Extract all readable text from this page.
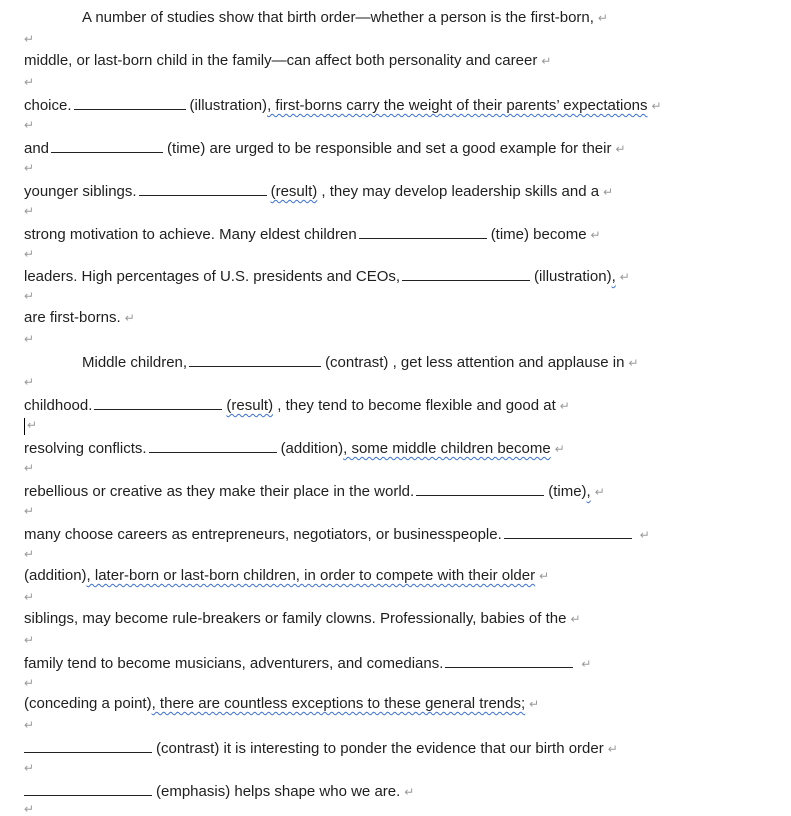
A number of studies show that birth order—whether a person is the first-born, ↵
↵
middle, or last-born child in the family—can affect both personality and career ↵
↵
choice.	(illustration), first-borns carry the weight of their parents’ expectations ↵
↵
and	(time) are urged to be responsible and set a good example for their ↵
↵
younger siblings.	(result) , they may develop leadership skills and a ↵
↵
strong motivation to achieve. Many eldest children	(time) become ↵
↵
leaders. High percentages of U.S. presidents and CEOs,	(illustration), ↵
↵
are first-borns. ↵
↵
Middle children,	(contrast) , get less attention and applause in ↵
↵
childhood.	(result) , they tend to become flexible and good at ↵
↵
resolving conflicts.	(addition), some middle children become ↵
↵
rebellious or creative as they make their place in the world.	(time), ↵
↵
many choose careers as entrepreneurs, negotiators, or businesspeople.	↵
↵
(addition), later-born or last-born children, in order to compete with their older ↵
↵
siblings, may become rule-breakers or family clowns. Professionally, babies of the ↵
↵
family tend to become musicians, adventurers, and comedians.	↵
↵
(conceding a point), there are countless exceptions to these general trends; ↵
↵
(contrast) it is interesting to ponder the evidence that our birth order ↵
↵
(emphasis) helps shape who we are. ↵
↵
